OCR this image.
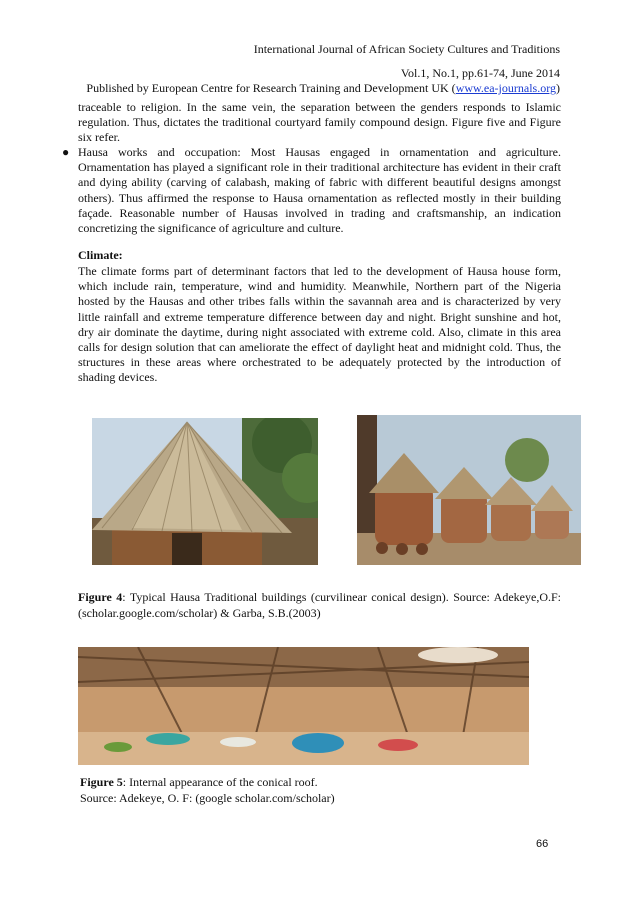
International Journal of African Society Cultures and Traditions
Vol.1, No.1, pp.61-74, June 2014
Published by European Centre for Research Training and Development UK (www.ea-journals.org)
traceable to religion. In the same vein, the separation between the genders responds to Islamic regulation. Thus, dictates the traditional courtyard family compound design. Figure five and Figure six refer.
● Hausa works and occupation: Most Hausas engaged in ornamentation and agriculture. Ornamentation has played a significant role in their traditional architecture has evident in their craft and dying ability (carving of calabash, making of fabric with different beautiful designs amongst others). Thus affirmed the response to Hausa ornamentation as reflected mostly in their building façade. Reasonable number of Hausas involved in trading and craftsmanship, an indication concretizing the significance of agriculture and culture.
Climate:
The climate forms part of determinant factors that led to the development of Hausa house form, which include rain, temperature, wind and humidity. Meanwhile, Northern part of the Nigeria hosted by the Hausas and other tribes falls within the savannah area and is characterized by very little rainfall and extreme temperature difference between day and night. Bright sunshine and hot, dry air dominate the daytime, during night associated with extreme cold. Also, climate in this area calls for design solution that can ameliorate the effect of daylight heat and midnight cold. Thus, the structures in these areas where orchestrated to be adequately protected by the introduction of shading devices.
Figure 4: Typical Hausa Traditional buildings (curvilinear conical design). Source: Adekeye,O.F: (scholar.google.com/scholar) & Garba, S.B.(2003)
Figure 5: Internal appearance of the conical roof.
Source: Adekeye, O. F: (google scholar.com/scholar)
66
